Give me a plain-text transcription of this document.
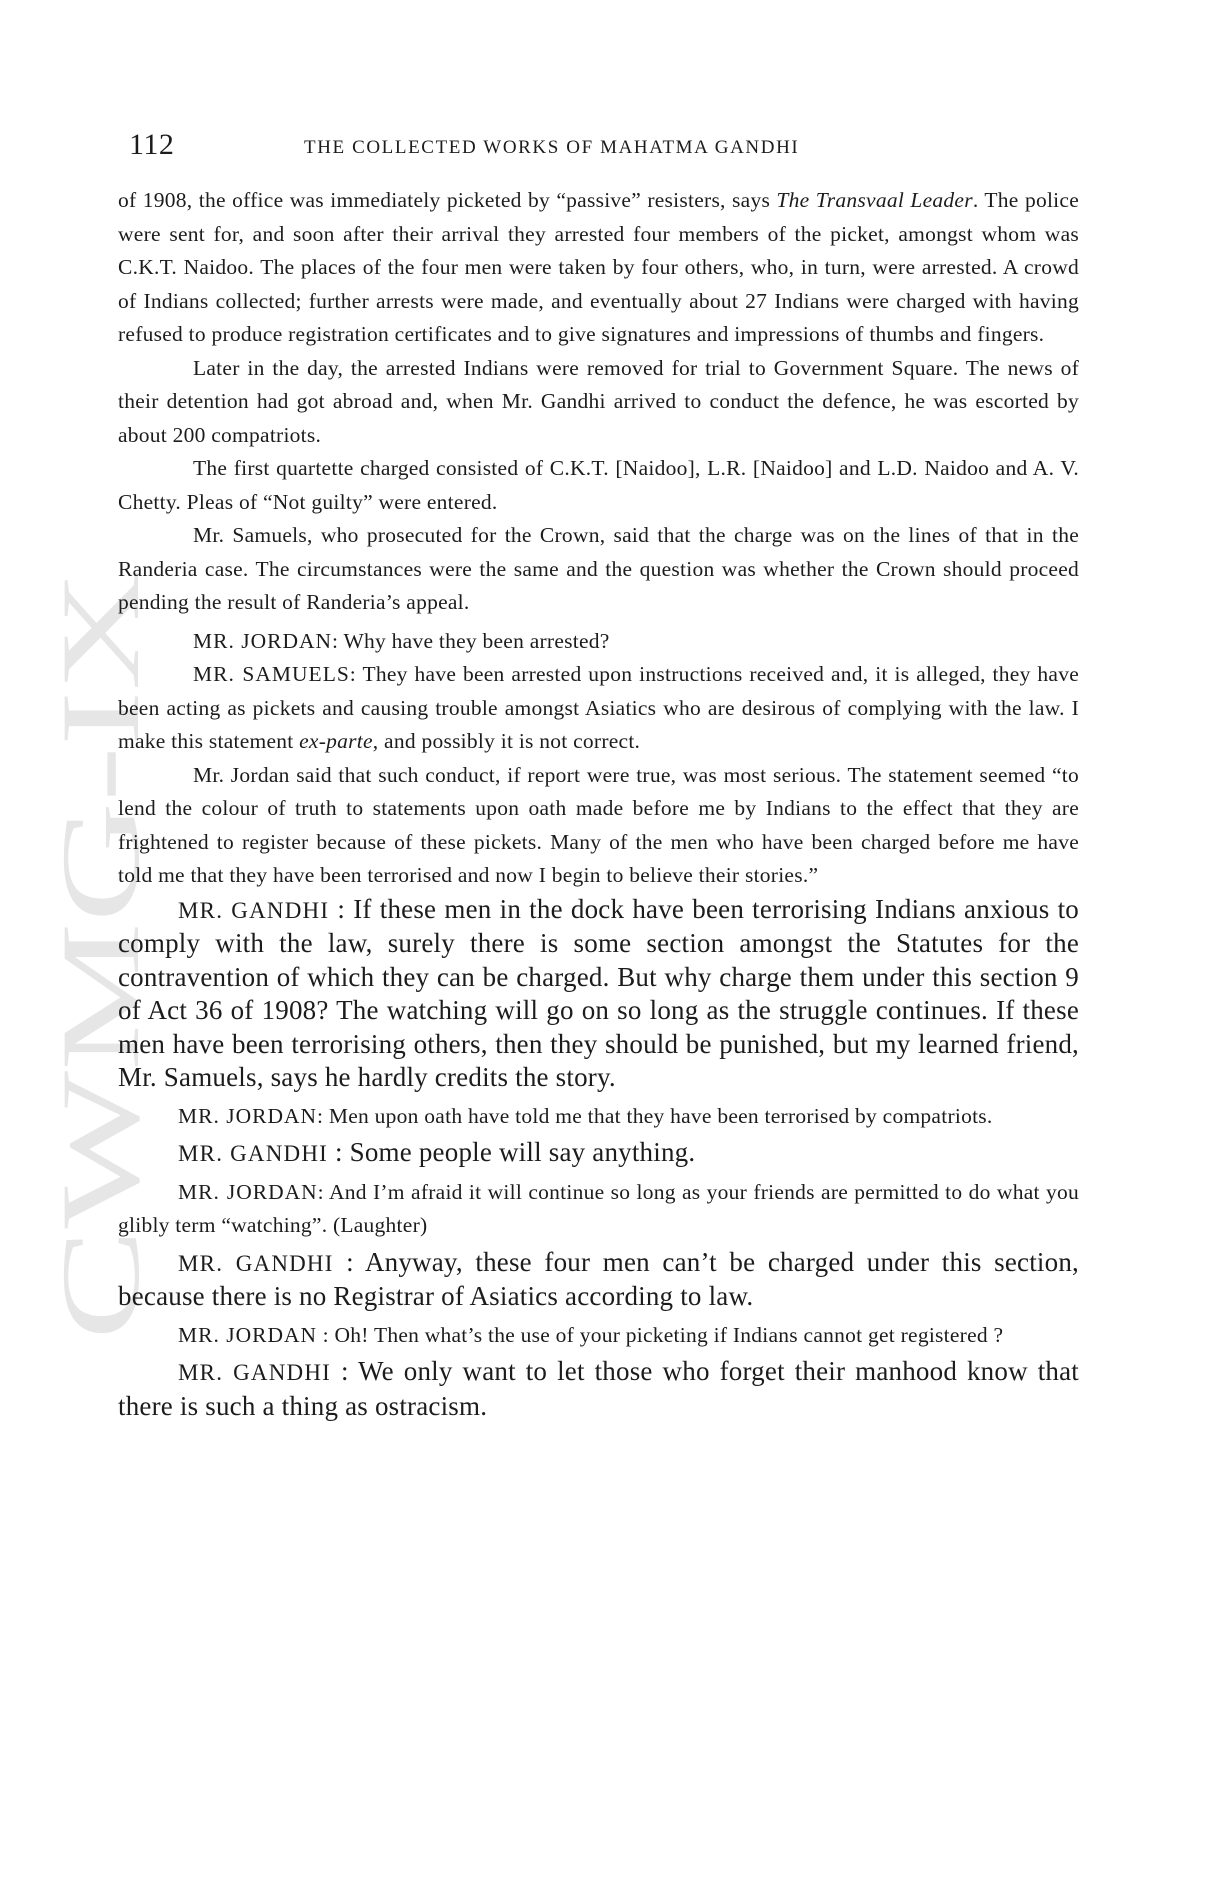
CWMG-IX
112	THE COLLECTED WORKS OF MAHATMA GANDHI

of 1908, the office was immediately picketed by “passive” resisters, says The Transvaal Leader. The police were sent for, and soon after their arrival they arrested four members of the picket, amongst whom was C.K.T. Naidoo. The places of the four men were taken by four others, who, in turn, were arrested. A crowd of Indians collected; further arrests were made, and eventually about 27 Indians were charged with having refused to produce registration certificates and to give signatures and impressions of thumbs and fingers.

Later in the day, the arrested Indians were removed for trial to Government Square. The news of their detention had got abroad and, when Mr. Gandhi arrived to conduct the defence, he was escorted by about 200 compatriots.

The first quartette charged consisted of C.K.T. [Naidoo], L.R. [Naidoo] and L.D. Naidoo and A. V. Chetty. Pleas of “Not guilty” were entered.

Mr. Samuels, who prosecuted for the Crown, said that the charge was on the lines of that in the Randeria case. The circumstances were the same and the question was whether the Crown should proceed pending the result of Randeria’s appeal.

MR. JORDAN: Why have they been arrested?

MR. SAMUELS: They have been arrested upon instructions received and, it is alleged, they have been acting as pickets and causing trouble amongst Asiatics who are desirous of complying with the law. I make this statement ex-parte, and possibly it is not correct.

Mr. Jordan said that such conduct, if report were true, was most serious. The statement seemed “to lend the colour of truth to statements upon oath made before me by Indians to the effect that they are frightened to register because of these pickets. Many of the men who have been charged before me have told me that they have been terrorised and now I begin to believe their stories.”

MR. GANDHI : If these men in the dock have been terrorising Indians anxious to comply with the law, surely there is some section amongst the Statutes for the contravention of which they can be charged. But why charge them under this section 9 of Act 36 of 1908? The watching will go on so long as the struggle continues. If these men have been terrorising others, then they should be punished, but my learned friend, Mr. Samuels, says he hardly credits the story.

MR. JORDAN: Men upon oath have told me that they have been terrorised by compatriots.

MR. GANDHI : Some people will say anything.

MR. JORDAN: And I’m afraid it will continue so long as your friends are permitted to do what you glibly term “watching”. (Laughter)

MR. GANDHI : Anyway, these four men can’t be charged under this section, because there is no Registrar of Asiatics according to law.

MR. JORDAN : Oh! Then what’s the use of your picketing if Indians cannot get registered ?

MR. GANDHI : We only want to let those who forget their manhood know that there is such a thing as ostracism.
